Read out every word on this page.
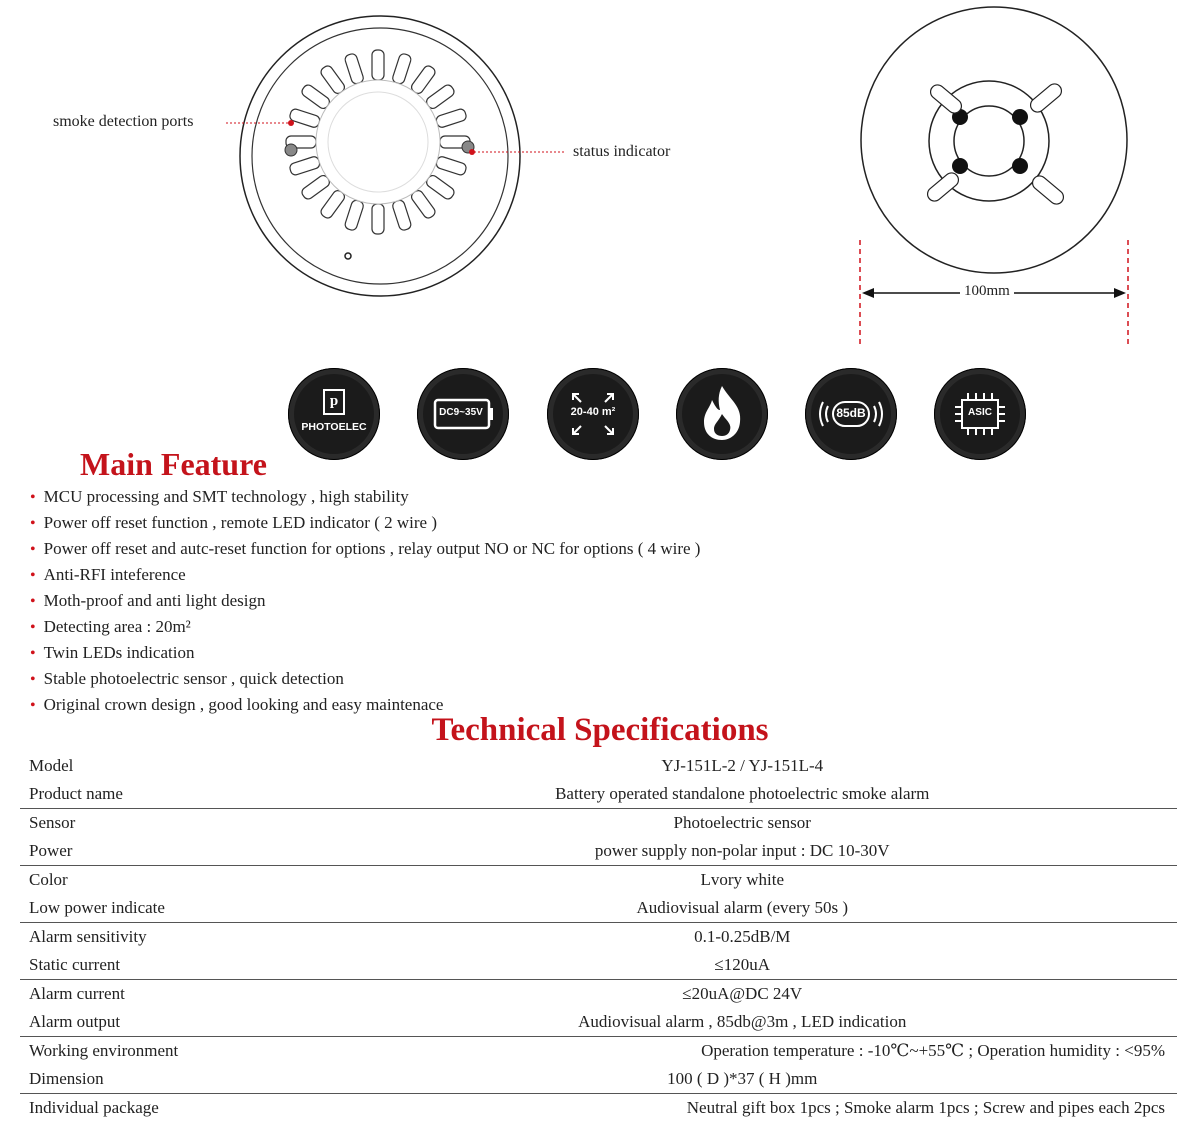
smoke detection ports
status indicator
100mm
p
PHOTOELEC
DC9~35V	20-40 m²	85dB	ASIC
Main Feature
• MCU processing and SMT technology , high stability
• Power off reset function , remote LED indicator ( 2 wire )
• Power off reset and autc-reset function for options , relay output NO or NC for options ( 4 wire )
• Anti-RFI inteference
• Moth-proof and anti light design
• Detecting area : 20m²
• Twin LEDs indication
• Stable photoelectric sensor , quick detection
• Original crown design , good looking and easy maintenace
Technical Specifications
Model	YJ-151L-2 / YJ-151L-4
Product name	Battery operated standalone photoelectric smoke alarm
Sensor	Photoelectric sensor
Power	power supply non-polar input : DC 10-30V
Color	Lvory white
Low power indicate	Audiovisual alarm (every 50s )
Alarm sensitivity	0.1-0.25dB/M
Static current	≤120uA
Alarm current	≤20uA@DC 24V
Alarm output	Audiovisual alarm , 85db@3m , LED indication
Working environment	Operation temperature : -10℃~+55℃ ; Operation humidity : <95%
Dimension	100 ( D )*37 ( H )mm
Individual package	Neutral gift box 1pcs ; Smoke alarm 1pcs ; Screw and pipes each 2pcs
